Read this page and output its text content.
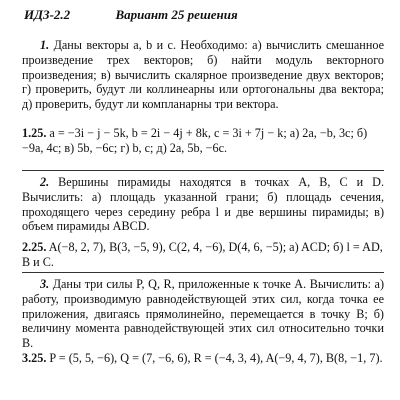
ИДЗ-2.2	Вариант 25 решения
1. Даны векторы a, b и c. Необходимо: а) вычислить смешанное произведение трех векторов; б) найти модуль векторного произведения; в) вычислить скалярное произведение двух векторов; г) проверить, будут ли коллинеарны или ортогональны два вектора; д) проверить, будут ли компланарны три вектора.
1.25. a = −3i − j − 5k, b = 2i − 4j + 8k, c = 3i + 7j − k; а) 2a, −b, 3c; б) −9a, 4c; в) 5b, −6c; г) b, c; д) 2a, 5b, −6c.
2. Вершины пирамиды находятся в точках A, B, C и D. Вычислить: а) площадь указанной грани; б) площадь сечения, проходящего через середину ребра l и две вершины пирамиды; в) объем пирамиды ABCD.
2.25. A(−8, 2, 7), B(3, −5, 9), C(2, 4, −6), D(4, 6, −5); а) ACD; б) l = AD, B и C.
3. Даны три силы P, Q, R, приложенные к точке A. Вычислить: а) работу, производимую равнодействующей этих сил, когда точка ее приложения, двигаясь прямолинейно, перемещается в точку B; б) величину момента равнодействующей этих сил относительно точки B.
3.25. P = (5, 5, −6), Q = (7, −6, 6), R = (−4, 3, 4), A(−9, 4, 7), B(8, −1, 7).
